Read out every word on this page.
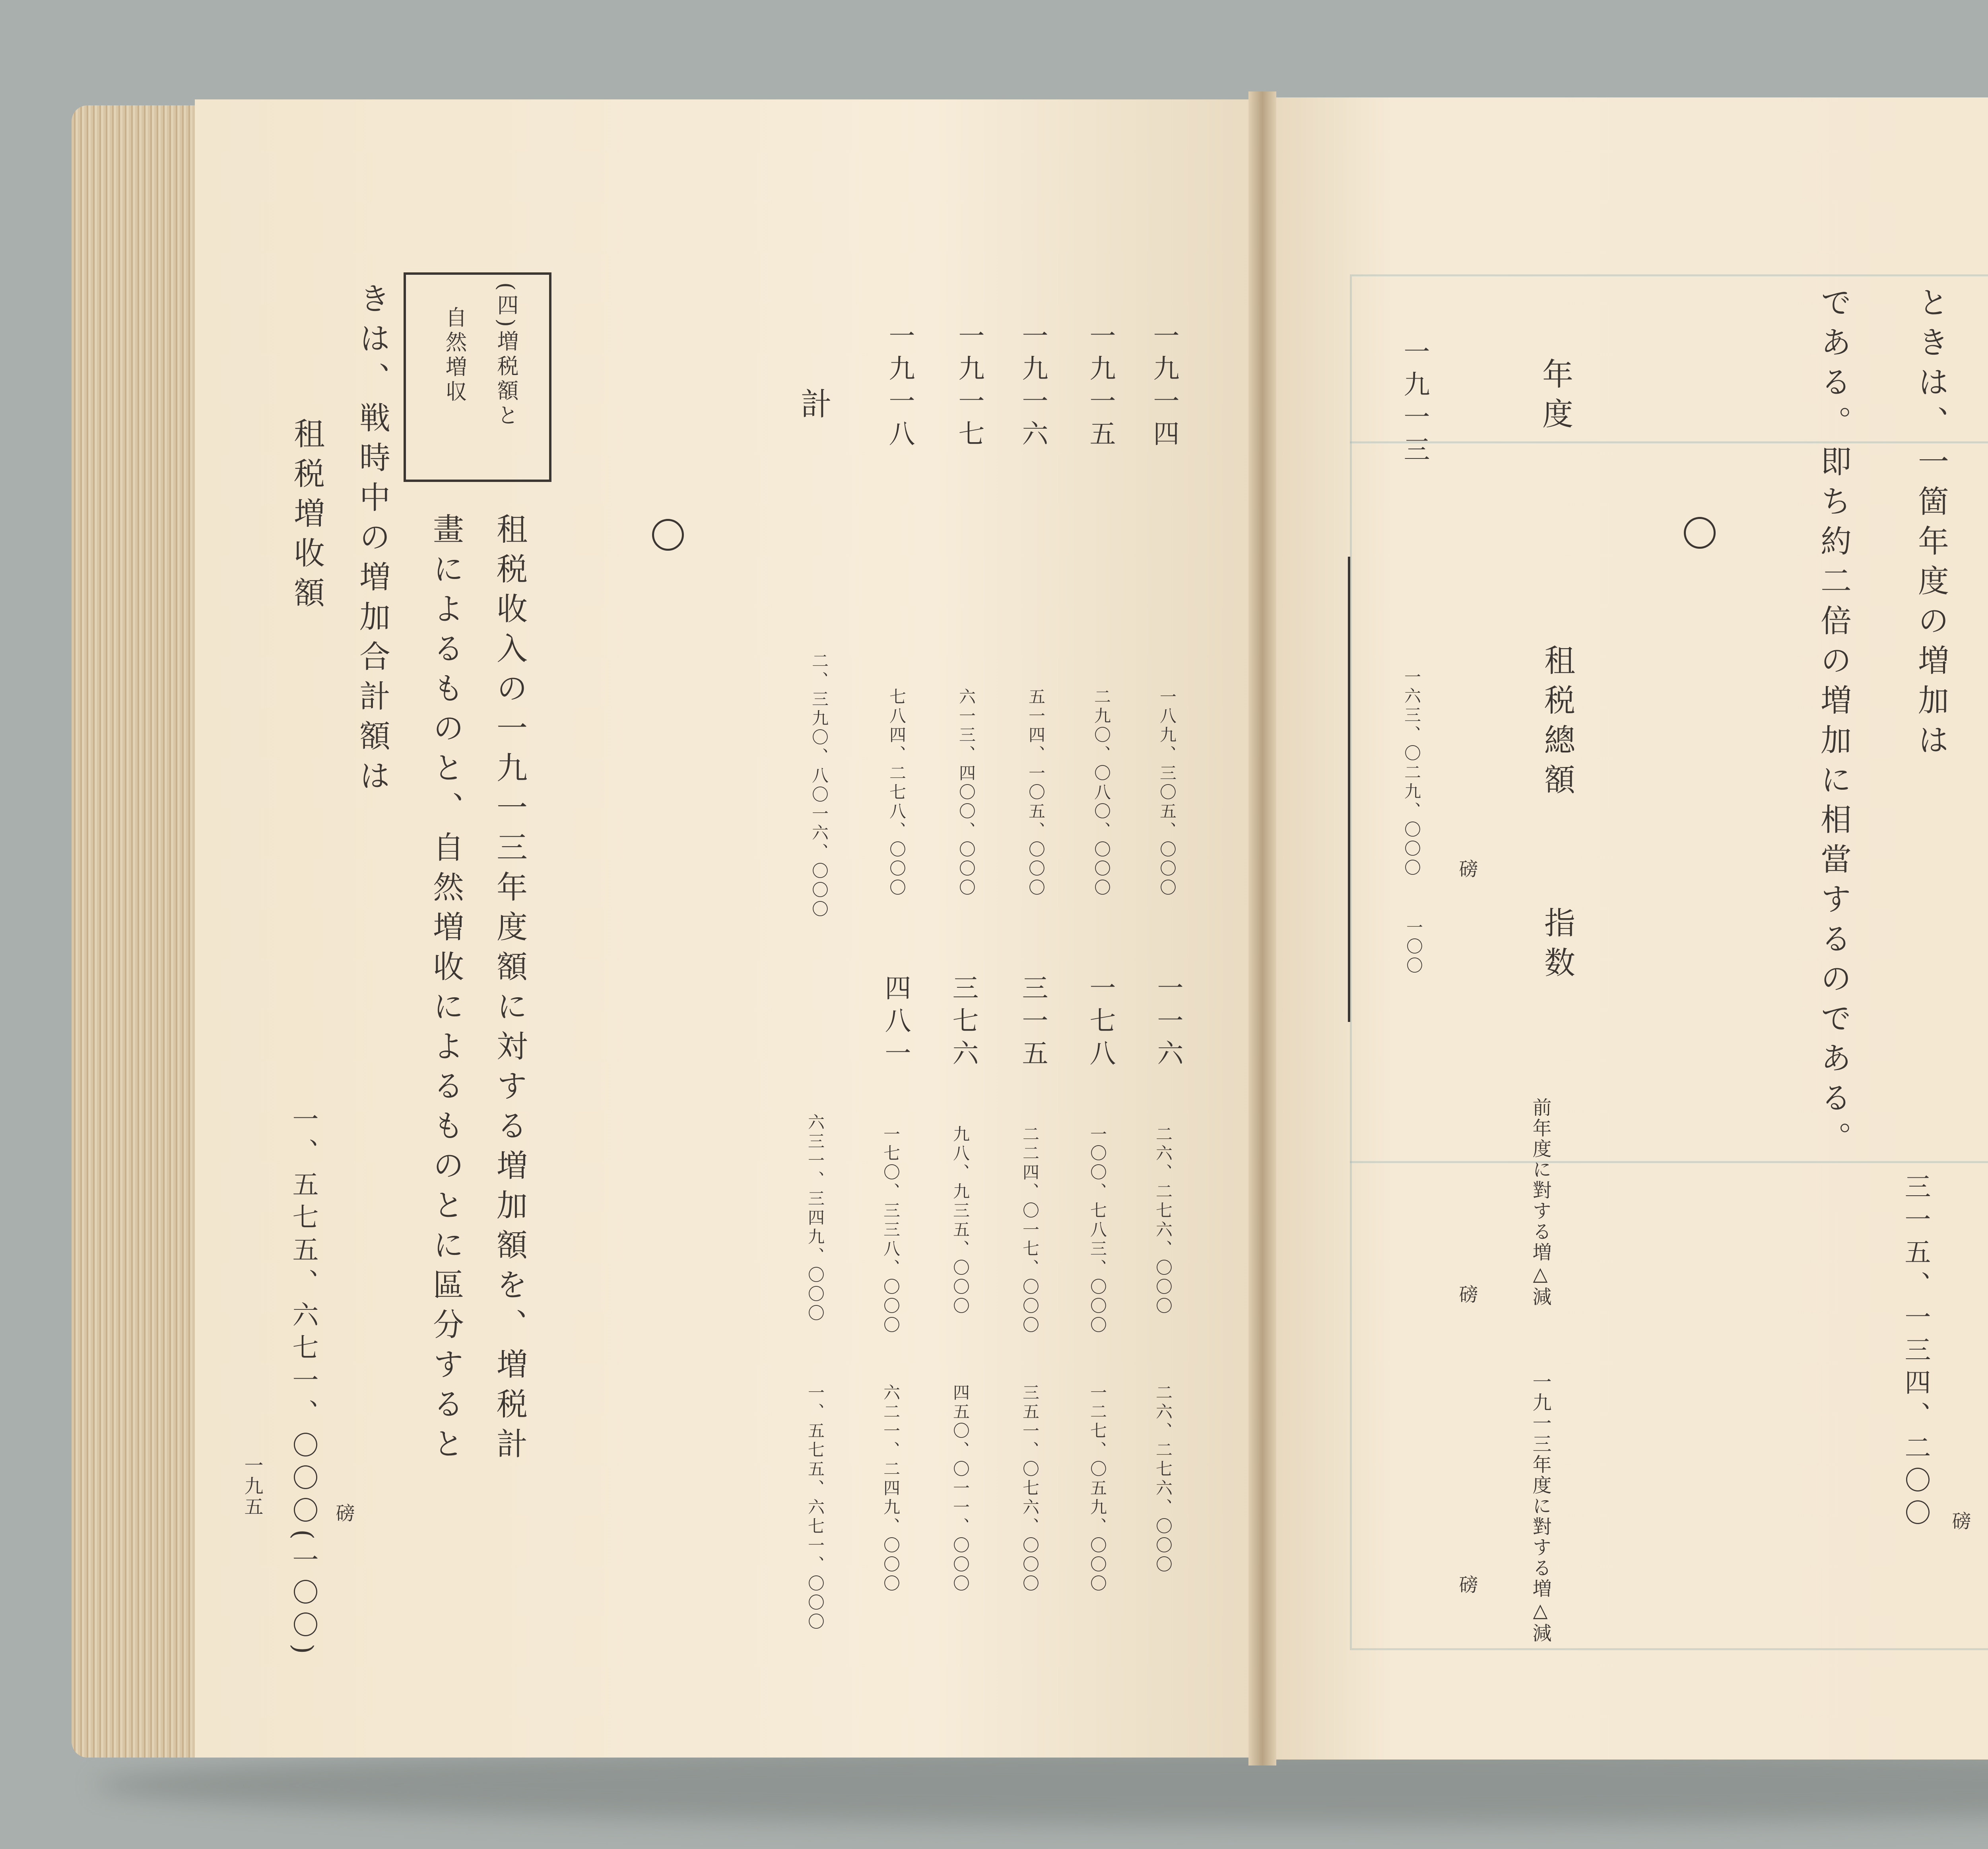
(四)増税額と
自然増収
きは、戦時中の増加合計額は
租税増收額	租税收入の一九一三年度額に対する増加額を、増税計
畫によるものと、自然増收によるものとに區分すると
一九一四
一九一五
一九一六
一九一七
一九一八
計
一八九、三〇五、〇〇〇
二九〇、〇八〇、〇〇〇
五一四、一〇五、〇〇〇
六一三、四〇〇、〇〇〇
七八四、二七八、〇〇〇
二、三九〇、八〇一六、〇〇〇
一一六
一七八
三一五
三七六
四八一
二六、二七六、〇〇〇
一〇〇、七八三、〇〇〇
二二四、〇一七、〇〇〇
九八、九三五、〇〇〇
一七〇、三三八、〇〇〇
六三一、三四九、〇〇〇
二六、二七六、〇〇〇
一二七、〇五九、〇〇〇
三五一、〇七六、〇〇〇
四五〇、〇一一、〇〇〇
六二一、二四九、〇〇〇
一、五七五、六七一、〇〇〇
一、五七五、六七一、〇〇〇(一〇〇) 磅
一九五
ときは、一箇年度の増加は
三一五、一三四、二〇〇 磅
である。即ち約二倍の増加に相當するのである。
年度
租税總額
指数
前年度に對する増△減
一九一三年度に對する増△減
一九一三
一六三、〇二九、〇〇〇
一〇〇
磅
磅
磅
